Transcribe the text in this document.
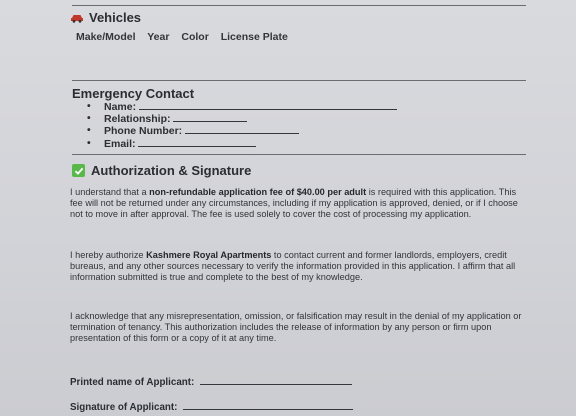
Vehicles
Make/Model Year Color License Plate
Emergency Contact
• Name:
• Relationship:
• Phone Number:
• Email:
Authorization & Signature
I understand that a non-refundable application fee of $40.00 per adult is required with this application. This fee will not be returned under any circumstances, including if my application is approved, denied, or if I choose not to move in after approval. The fee is used solely to cover the cost of processing my application.
I hereby authorize Kashmere Royal Apartments to contact current and former landlords, employers, credit bureaus, and any other sources necessary to verify the information provided in this application. I affirm that all information submitted is true and complete to the best of my knowledge.
I acknowledge that any misrepresentation, omission, or falsification may result in the denial of my application or termination of tenancy. This authorization includes the release of information by any person or firm upon presentation of this form or a copy of it at any time.
Printed name of Applicant:
Signature of Applicant:
